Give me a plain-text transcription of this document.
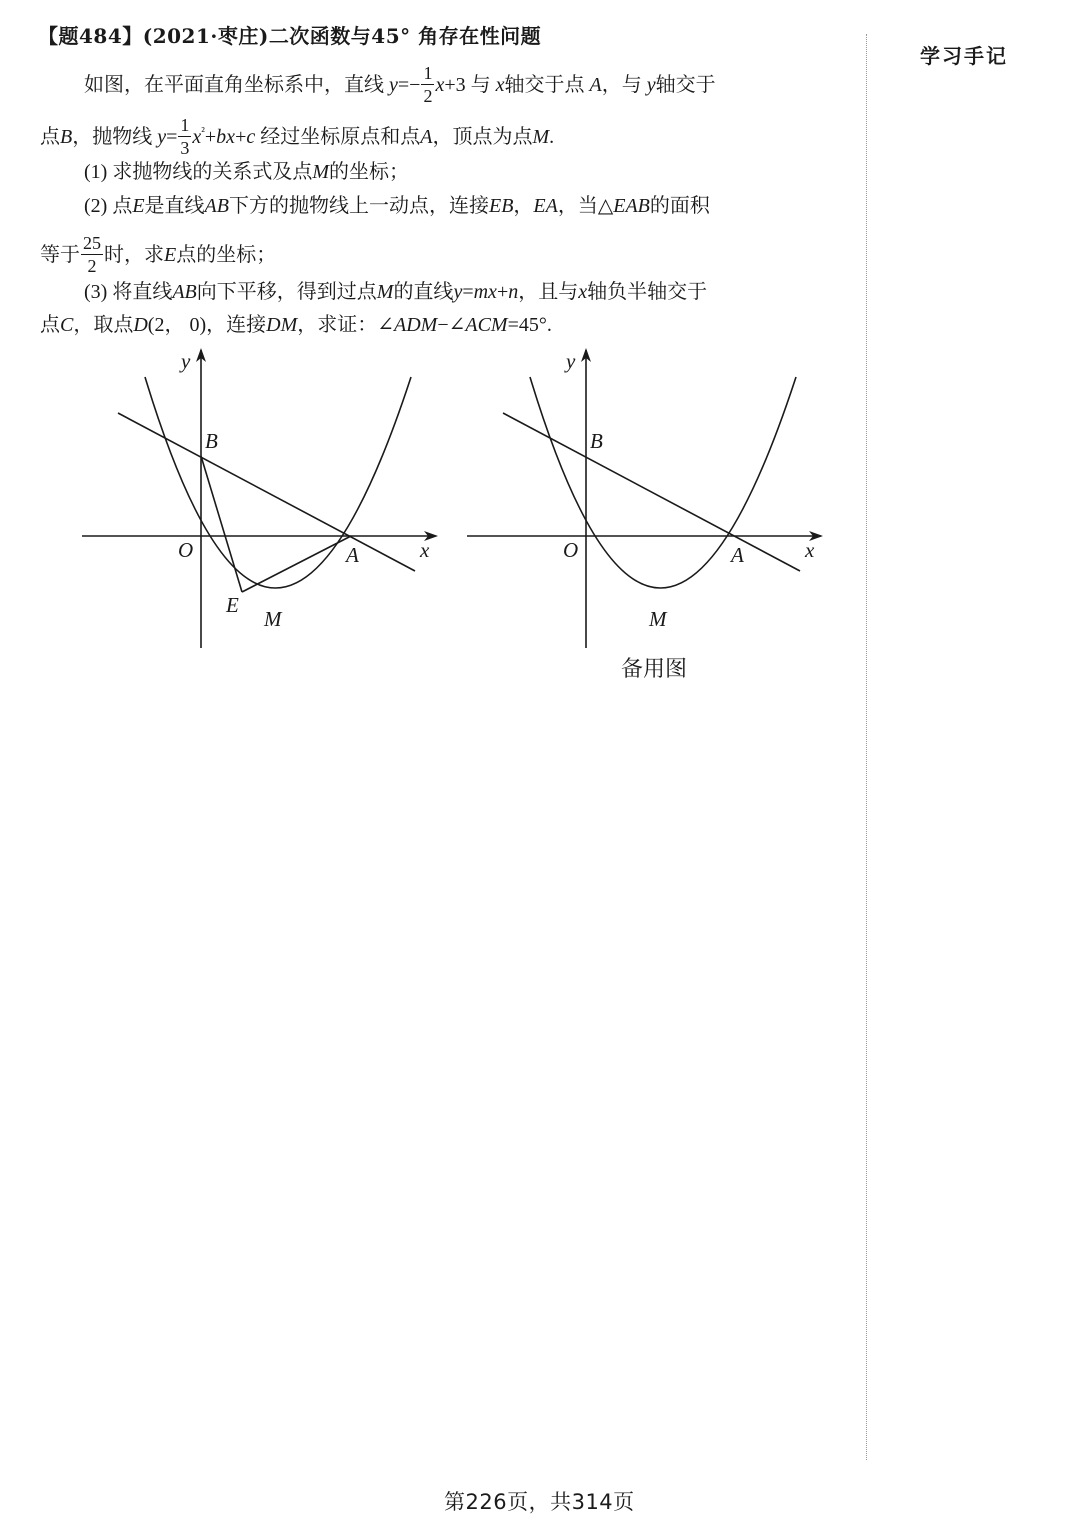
【题484】(2021·枣庄)二次函数与45° 角存在性问题
学习手记
如图，在平面直角坐标系中，直线 $y=- \frac{1}{2} x+3$ 与 x轴交于点 A，与 y轴交于
点B，抛物线 $y= \frac{1}{3} x^{^2}+bx+c$ 经过坐标原点和点A，顶点为点M.
(1) 求抛物线的关系式及点M的坐标；
(2) 点E是直线AB下方的抛物线上一动点，连接EB，EA，当△EAB的面积
等于 $\frac{25}{2}$ 时，求E点的坐标；
(3) 将直线AB向下平移，得到过点M的直线y=mx+n，且与x轴负半轴交于
点C，取点D(2， 0)，连接DM，求证：∠ADM−∠ACM=45°.
y
x
O	A
B
E
M
y
x
O	A
B
M
备用图
第226页，共314页
